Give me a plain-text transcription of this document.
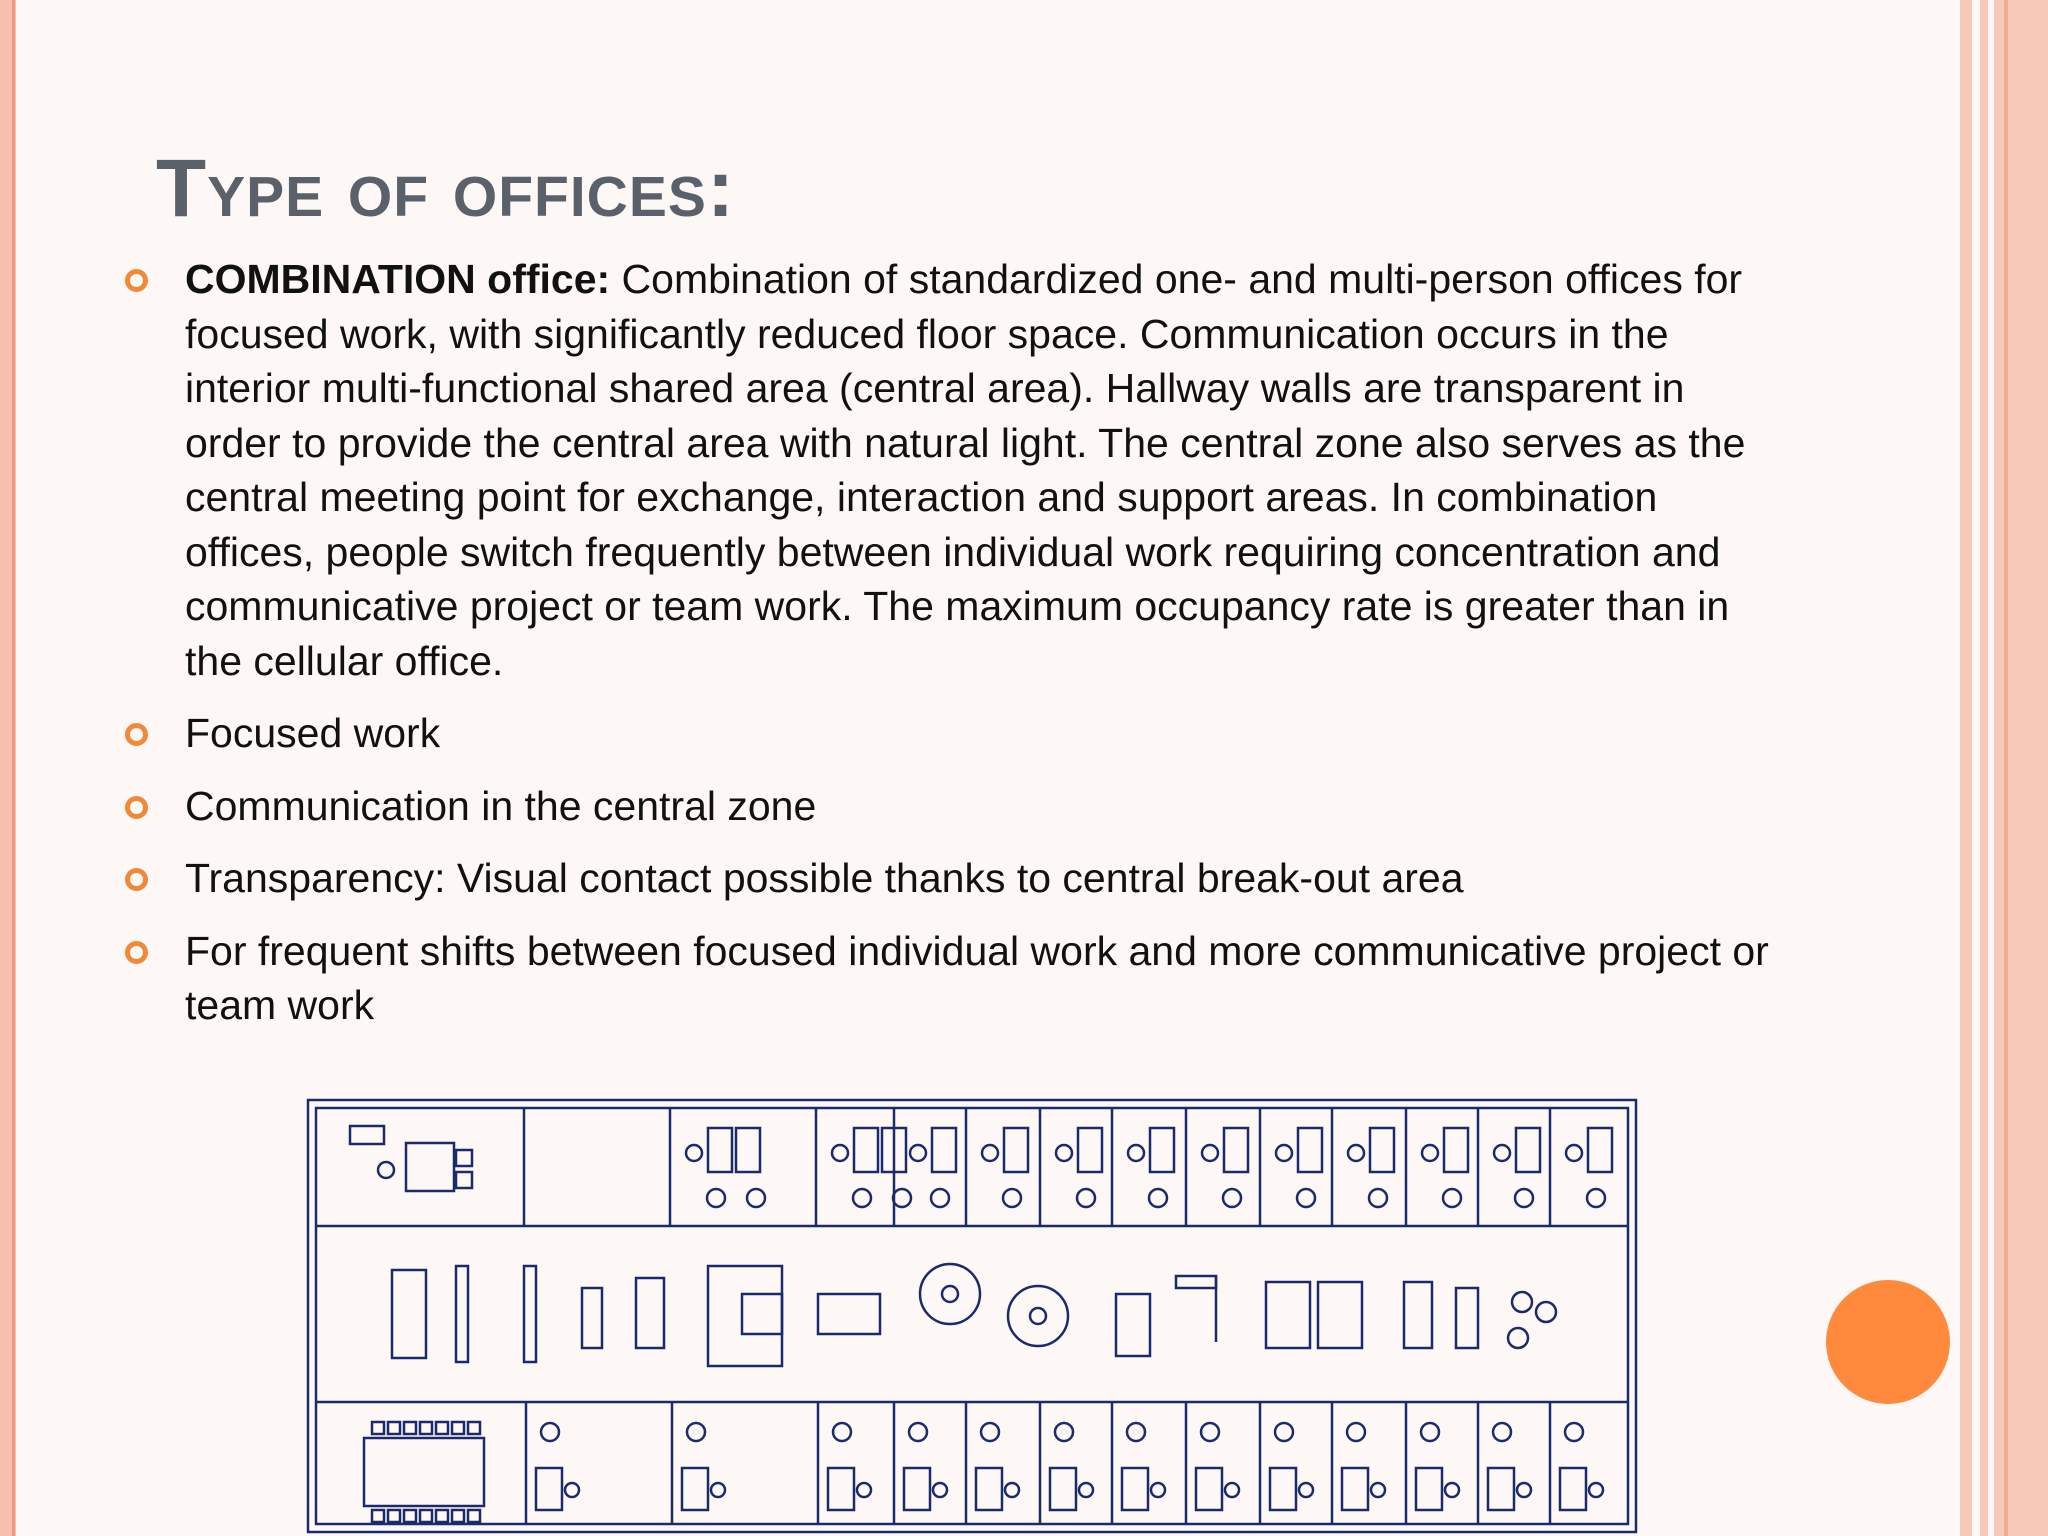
Type of offices:
COMBINATION office: Combination of standardized one- and multi-person offices for focused work, with significantly reduced floor space. Communication occurs in the interior multi-functional shared area (central area). Hallway walls are transparent in order to provide the central area with natural light. The central zone also serves as the central meeting point for exchange, interaction and support areas. In combination offices, people switch frequently between individual work requiring concentration and communicative project or team work. The maximum occupancy rate is greater than in the cellular office.
Focused work
Communication in the central zone
Transparency: Visual contact possible thanks to central break-out area
For frequent shifts between focused individual work and more communicative project or team work
